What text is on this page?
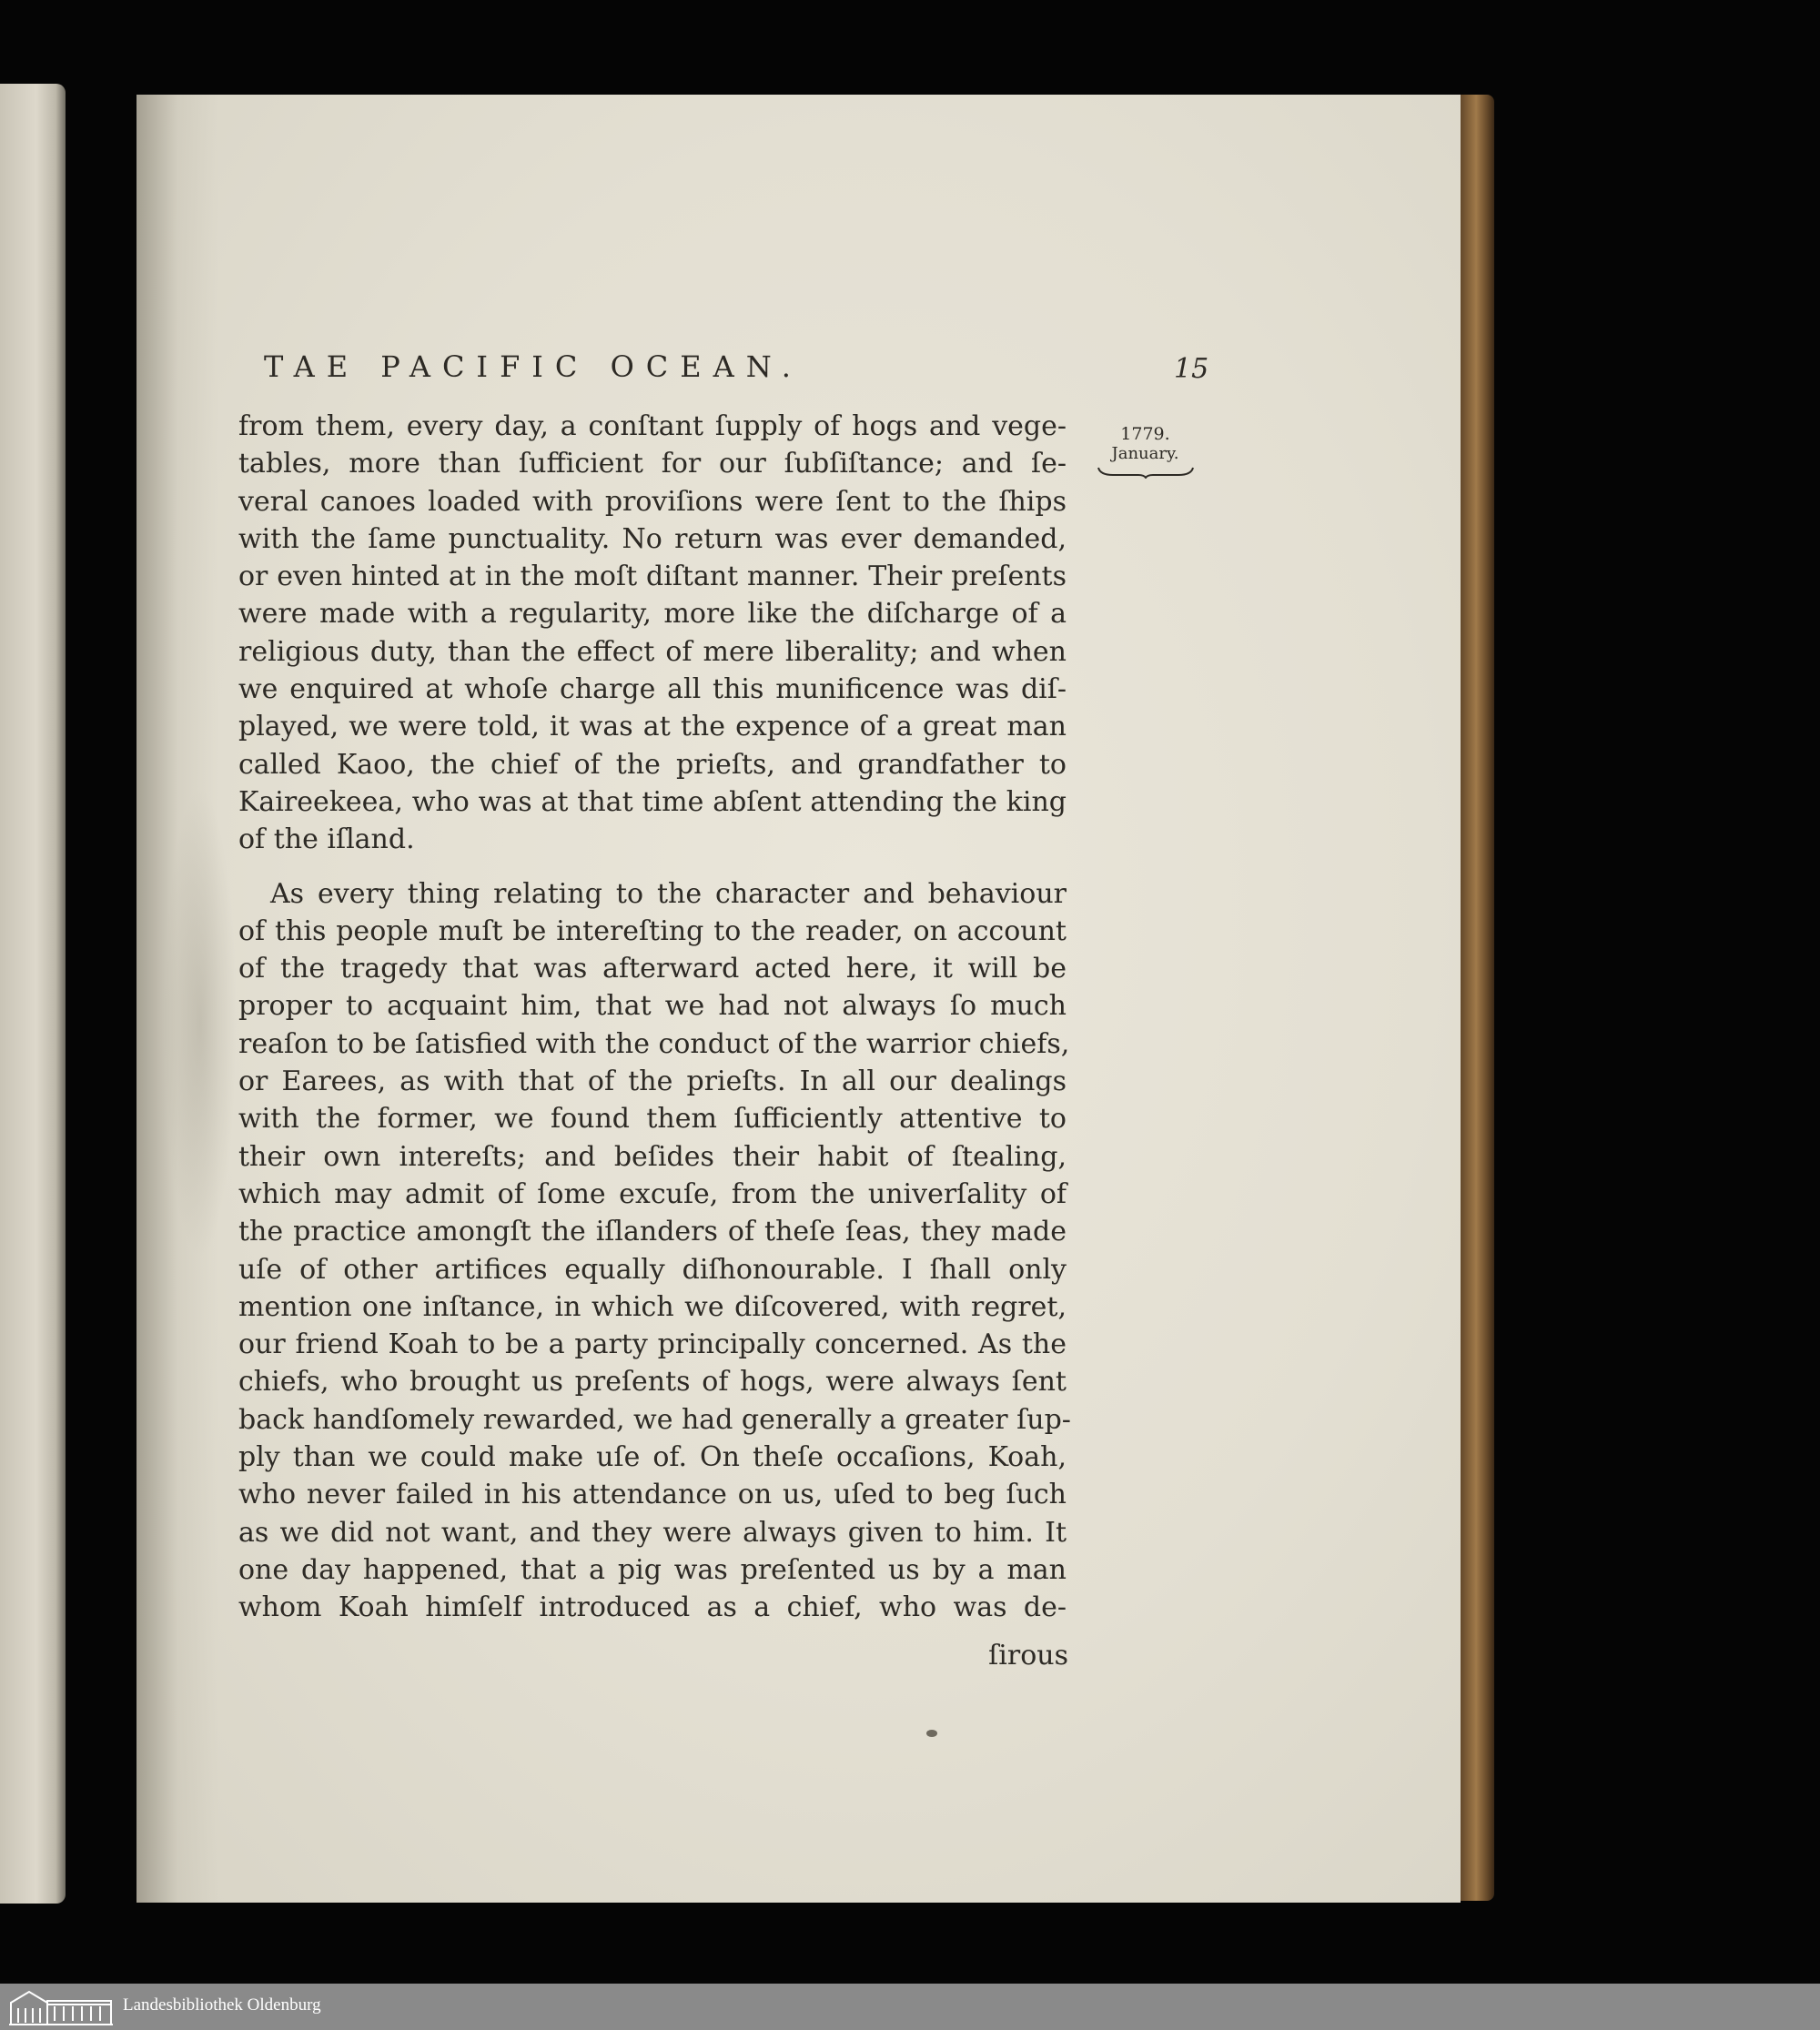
TAE PACIFIC OCEAN.	15
1779.
January.

from them, every day, a conſtant ſupply of hogs and vege-
tables, more than ſufficient for our ſubſiſtance; and ſe-
veral canoes loaded with proviſions were ſent to the ſhips
with the ſame punctuality. No return was ever demanded,
or even hinted at in the moſt diſtant manner. Their preſents
were made with a regularity, more like the diſcharge of a
religious duty, than the effect of mere liberality; and when
we enquired at whoſe charge all this munificence was diſ-
played, we were told, it was at the expence of a great man
called Kaoo, the chief of the prieſts, and grandfather to
Kaireekeea, who was at that time abſent attending the king
of the iſland.

As every thing relating to the character and behaviour
of this people muſt be intereſting to the reader, on account
of the tragedy that was afterward acted here, it will be
proper to acquaint him, that we had not always ſo much
reaſon to be ſatisfied with the conduct of the warrior chiefs,
or Earees, as with that of the prieſts. In all our dealings
with the former, we found them ſufficiently attentive to
their own intereſts; and beſides their habit of ſtealing,
which may admit of ſome excuſe, from the univerſality of
the practice amongſt the iſlanders of theſe ſeas, they made
uſe of other artifices equally diſhonourable. I ſhall only
mention one inſtance, in which we diſcovered, with regret,
our friend Koah to be a party principally concerned. As the
chiefs, who brought us preſents of hogs, were always ſent
back handſomely rewarded, we had generally a greater ſup-
ply than we could make uſe of. On theſe occaſions, Koah,
who never failed in his attendance on us, uſed to beg ſuch
as we did not want, and they were always given to him. It
one day happened, that a pig was preſented us by a man
whom Koah himſelf introduced as a chief, who was de-

ſirous
Landesbibliothek Oldenburg
